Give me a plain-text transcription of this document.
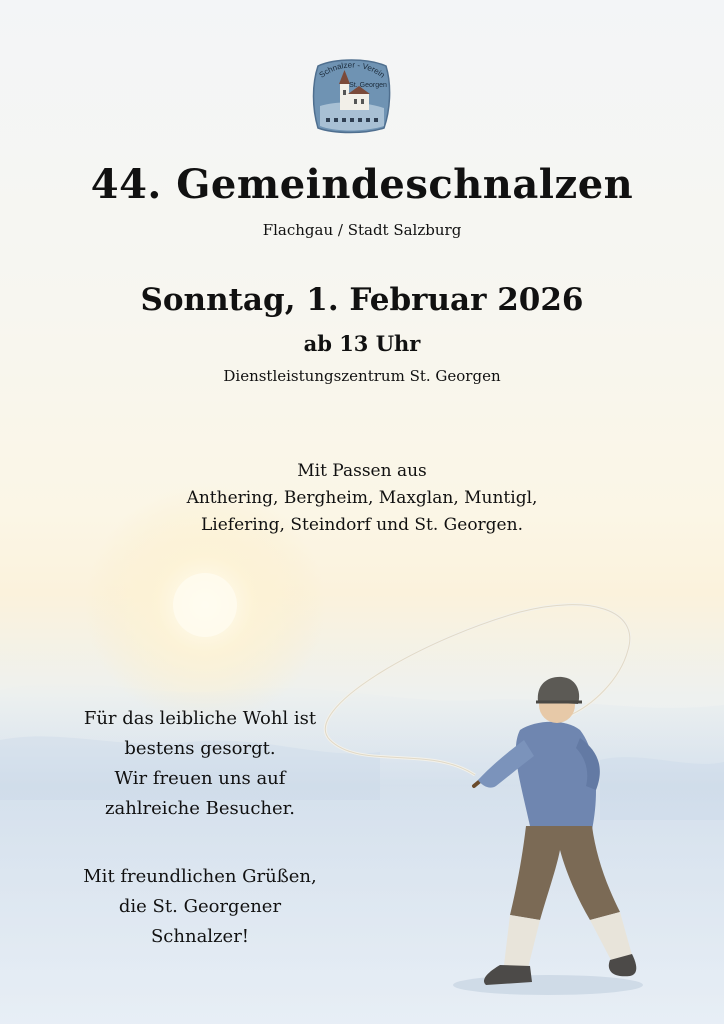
Schnalzer - Verein
St. Georgen
44. Gemeindeschnalzen
Flachgau / Stadt Salzburg
Sonntag, 1. Februar 2026
ab 13 Uhr
Dienstleistungszentrum St. Georgen
Mit Passen aus
Anthering, Bergheim, Maxglan, Muntigl,
Liefering, Steindorf und St. Georgen.
Für das leibliche Wohl ist
bestens gesorgt.
Wir freuen uns auf
zahlreiche Besucher.
Mit freundlichen Grüßen,
die St. Georgener
Schnalzer!
